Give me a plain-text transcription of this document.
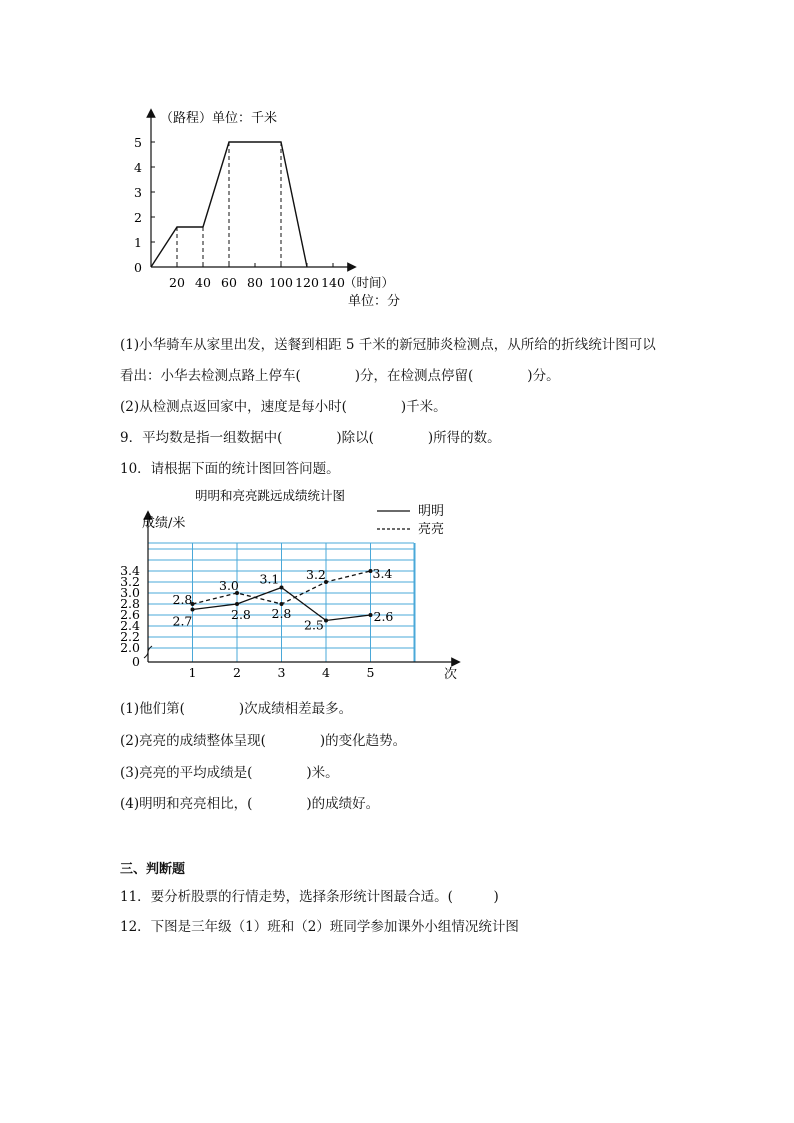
（路程）单位：千米
0
1
2
3
4
5
20 40 60 80 100 120 140 （时间）
单位：分
(1)小华骑车从家里出发，送餐到相距 5 千米的新冠肺炎检测点，从所给的折线统计图可以
看出：小华去检测点路上停车(　　　　)分，在检测点停留(　　　　)分。
(2)从检测点返回家中，速度是每小时(　　　　)千米。
9．平均数是指一组数据中(　　　　)除以(　　　　)所得的数。
10．请根据下面的统计图回答问题。
明明和亮亮跳远成绩统计图
成绩/米
次
0
2.0
2.2
2.4
2.6
2.8
3.0
3.2
3.4
1	2	3	4	5
明明
亮亮
2.7	2.8
3.1
2.5
2.6
2.8
3.0
2.8
3.2	3.4
(1)他们第(　　　　)次成绩相差最多。
(2)亮亮的成绩整体呈现(　　　　)的变化趋势。
(3)亮亮的平均成绩是(　　　　)米。
(4)明明和亮亮相比，(　　　　)的成绩好。
三、判断题
11．要分析股票的行情走势，选择条形统计图最合适。(　　　)
12．下图是三年级（1）班和（2）班同学参加课外小组情况统计图
